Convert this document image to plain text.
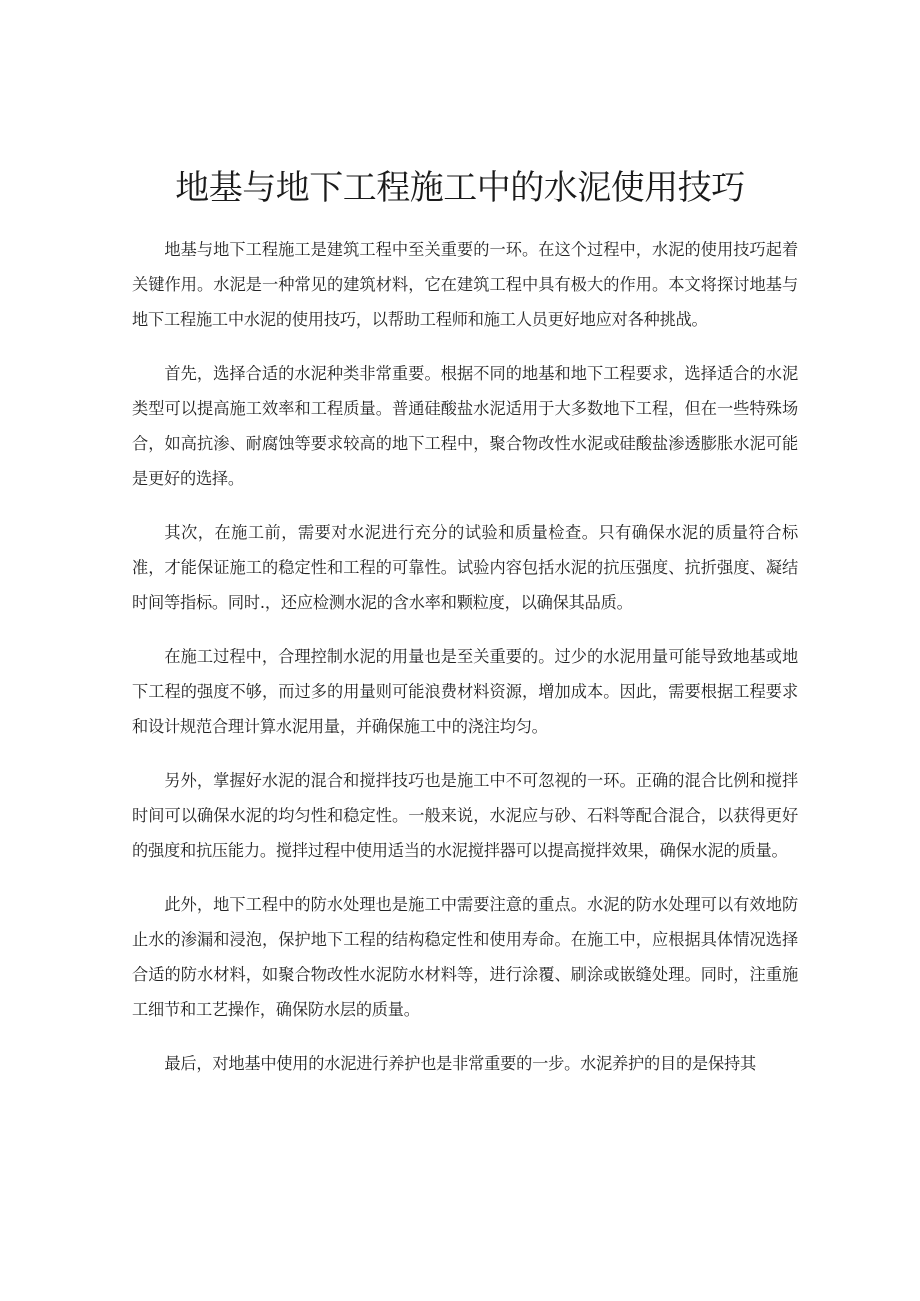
地基与地下工程施工中的水泥使用技巧

地基与地下工程施工是建筑工程中至关重要的一环。在这个过程中，水泥的使用技巧起着关键作用。水泥是一种常见的建筑材料，它在建筑工程中具有极大的作用。本文将探讨地基与地下工程施工中水泥的使用技巧，以帮助工程师和施工人员更好地应对各种挑战。

首先，选择合适的水泥种类非常重要。根据不同的地基和地下工程要求，选择适合的水泥类型可以提高施工效率和工程质量。普通硅酸盐水泥适用于大多数地下工程，但在一些特殊场合，如高抗渗、耐腐蚀等要求较高的地下工程中，聚合物改性水泥或硅酸盐渗透膨胀水泥可能是更好的选择。

其次，在施工前，需要对水泥进行充分的试验和质量检查。只有确保水泥的质量符合标准，才能保证施工的稳定性和工程的可靠性。试验内容包括水泥的抗压强度、抗折强度、凝结时间等指标。同时.，还应检测水泥的含水率和颗粒度，以确保其品质。

在施工过程中，合理控制水泥的用量也是至关重要的。过少的水泥用量可能导致地基或地下工程的强度不够，而过多的用量则可能浪费材料资源，增加成本。因此，需要根据工程要求和设计规范合理计算水泥用量，并确保施工中的浇注均匀。

另外，掌握好水泥的混合和搅拌技巧也是施工中不可忽视的一环。正确的混合比例和搅拌时间可以确保水泥的均匀性和稳定性。一般来说，水泥应与砂、石料等配合混合，以获得更好的强度和抗压能力。搅拌过程中使用适当的水泥搅拌器可以提高搅拌效果，确保水泥的质量。

此外，地下工程中的防水处理也是施工中需要注意的重点。水泥的防水处理可以有效地防止水的渗漏和浸泡，保护地下工程的结构稳定性和使用寿命。在施工中，应根据具体情况选择合适的防水材料，如聚合物改性水泥防水材料等，进行涂覆、刷涂或嵌缝处理。同时，注重施工细节和工艺操作，确保防水层的质量。

最后，对地基中使用的水泥进行养护也是非常重要的一步。水泥养护的目的是保持其
